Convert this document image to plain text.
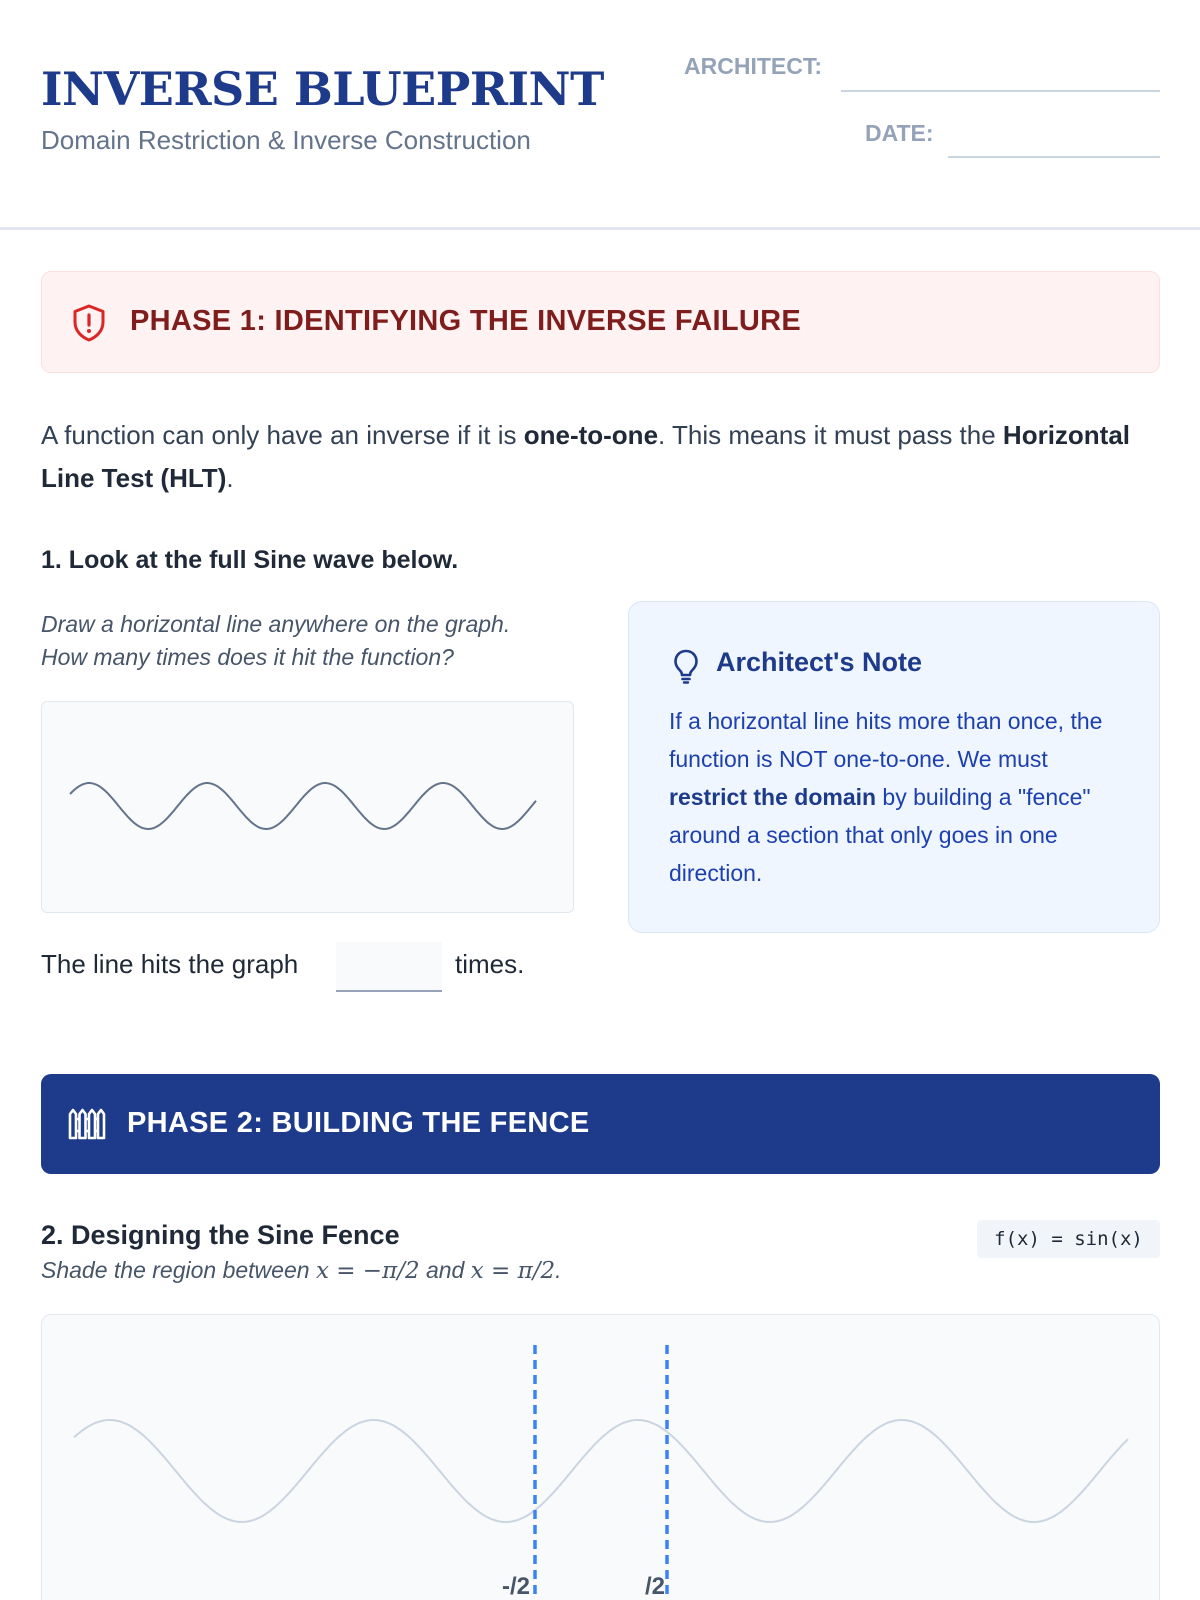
INVERSE BLUEPRINT
Domain Restriction & Inverse Construction
ARCHITECT:
DATE:
PHASE 1: IDENTIFYING THE INVERSE FAILURE
A function can only have an inverse if it is one-to-one. This means it must pass the Horizontal Line Test (HLT).
1. Look at the full Sine wave below.
Draw a horizontal line anywhere on the graph.
How many times does it hit the function?
The line hits the graph	times.
Architect's Note
If a horizontal line hits more than once, the function is NOT one-to-one. We must restrict the domain by building a "fence" around a section that only goes in one direction.
PHASE 2: BUILDING THE FENCE
2. Designing the Sine Fence
Shade the region between x = −π/2 and x = π/2.
f(x) = sin(x)
-/2	/2
